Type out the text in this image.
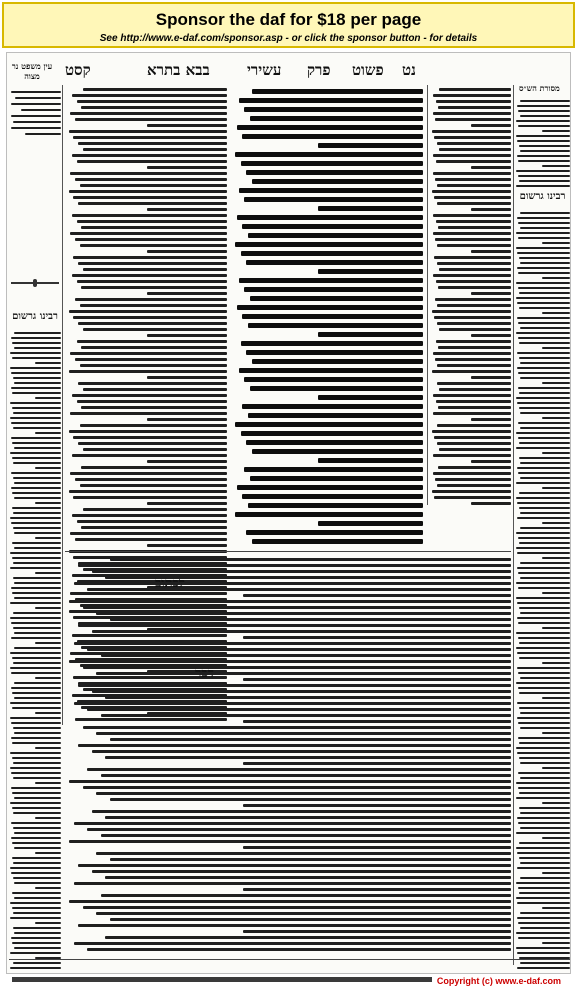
Sponsor the daf for $18 per page
See http://www.e-daf.com/sponsor.asp - or click the sponsor button - for details
קסט	בבא בתרא עשירי פרק פשוט נט
עין משפט נר מצוה
מסורת הש״ס
רבינו גרשום
רבינו גרשום
Copyright (c) www.e-daf.com
